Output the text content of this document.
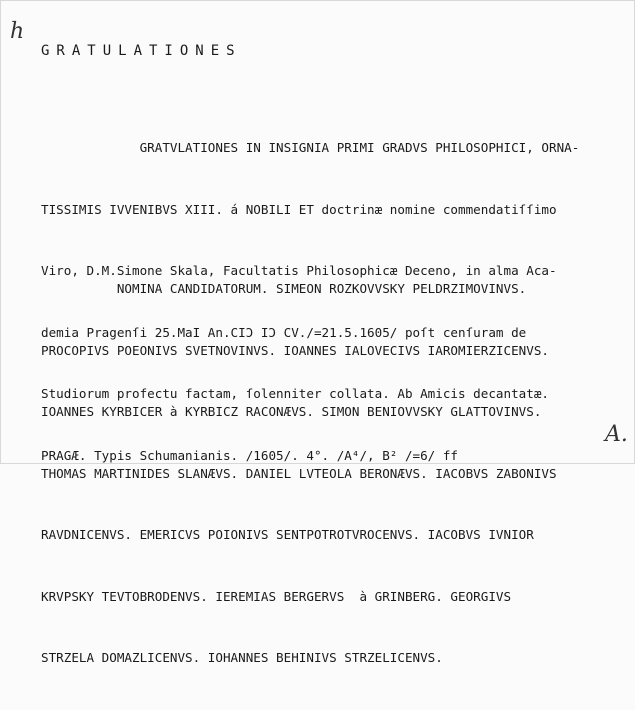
h
GRATULATIONES

GRATVLATIONES IN INSIGNIA PRIMI GRADVS PHILOSOPHICI, ORNA-

TISSIMIS IVVENIBVS XIII. á NOBILI ET doctrinæ nomine commendatiſſimo

Viro, D.M.Simone Skala, Facultatis Philosophicæ Deceno, in alma Aca-

demia Pragenſi 25.MaI An.CIƆ IƆ CV./=21.5.1605/ poſt cenſuram de

Studiorum profectu factam, ſolenniter collata. Ab Amicis decantatæ.

PRAGÆ. Typis Schumanianis. /1605/. 4°. /A⁴/, B² /=6/ ff

NOMINA CANDIDATORUM. SIMEON ROZKOVVSKY PELDRZIMOVINVS.

PROCOPIVS POEONIVS SVETNOVINVS. IOANNES IALOVECIVS IAROMIERZICENVS.

IOANNES KYRBICER à KYRBICZ RACONÆVS. SIMON BENIOVVSKY GLATTOVINVS.

THOMAS MARTINIDES SLANÆVS. DANIEL LVTEOLA BERONÆVS. IACOBVS ZABONIVS

RAVDNICENVS. EMERICVS POIONIVS SENTPOTROTVROCENVS. IACOBVS IVNIOR

KRVPSKY TEVTOBRODENVS. IEREMIAS BERGERVS  à GRINBERG. GEORGIVS

STRZELA DOMAZLICENVS. IOHANNES BEHINIVS STRZELICENVS.

A.
